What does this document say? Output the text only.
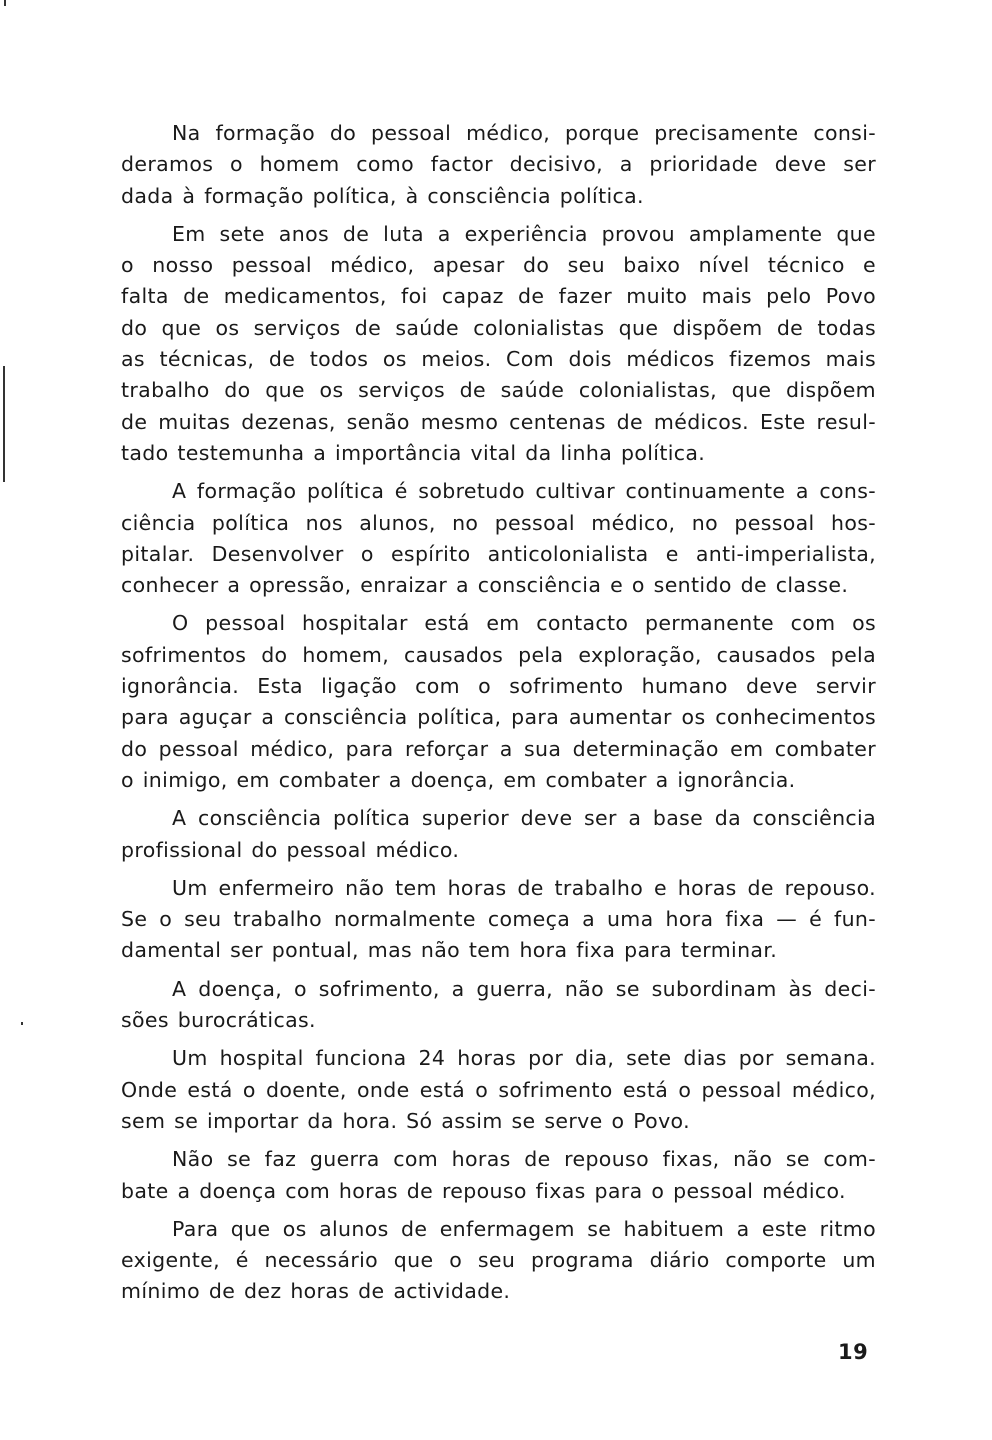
Na formação do pessoal médico, porque precisamente consi-
deramos o homem como factor decisivo, a prioridade deve ser
dada à formação política, à consciência política.

Em sete anos de luta a experiência provou amplamente que
o nosso pessoal médico, apesar do seu baixo nível técnico e
falta de medicamentos, foi capaz de fazer muito mais pelo Povo
do que os serviços de saúde colonialistas que dispõem de todas
as técnicas, de todos os meios. Com dois médicos fizemos mais
trabalho do que os serviços de saúde colonialistas, que dispõem
de muitas dezenas, senão mesmo centenas de médicos. Este resul-
tado testemunha a importância vital da linha política.

A formação política é sobretudo cultivar continuamente a cons-
ciência política nos alunos, no pessoal médico, no pessoal hos-
pitalar. Desenvolver o espírito anticolonialista e anti-imperialista,
conhecer a opressão, enraizar a consciência e o sentido de classe.

O pessoal hospitalar está em contacto permanente com os
sofrimentos do homem, causados pela exploração, causados pela
ignorância. Esta ligação com o sofrimento humano deve servir
para aguçar a consciência política, para aumentar os conhecimentos
do pessoal médico, para reforçar a sua determinação em combater
o inimigo, em combater a doença, em combater a ignorância.

A consciência política superior deve ser a base da consciência
profissional do pessoal médico.

Um enfermeiro não tem horas de trabalho e horas de repouso.
Se o seu trabalho normalmente começa a uma hora fixa — é fun-
damental ser pontual, mas não tem hora fixa para terminar.

A doença, o sofrimento, a guerra, não se subordinam às deci-
sões burocráticas.

Um hospital funciona 24 horas por dia, sete dias por semana.
Onde está o doente, onde está o sofrimento está o pessoal médico,
sem se importar da hora. Só assim se serve o Povo.

Não se faz guerra com horas de repouso fixas, não se com-
bate a doença com horas de repouso fixas para o pessoal médico.

Para que os alunos de enfermagem se habituem a este ritmo
exigente, é necessário que o seu programa diário comporte um
mínimo de dez horas de actividade.

19
